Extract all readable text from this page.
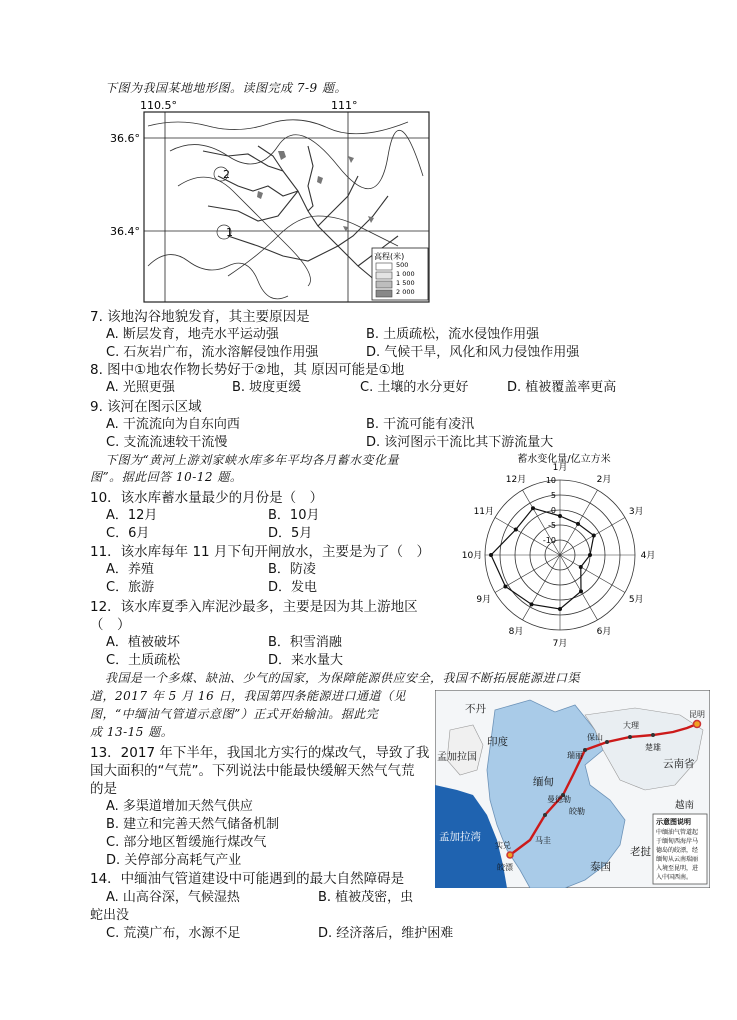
下图为我国某地地形图。读图完成 7-9 题。
110.5°	111°
36.6°
36.4°
2
1
高程(米)
500
1 000
1 500
2 000
7. 该地沟谷地貌发育，其主要原因是
A. 断层发育，地壳水平运动强	B. 土质疏松，流水侵蚀作用强
C. 石灰岩广布，流水溶解侵蚀作用强	D. 气候干旱，风化和风力侵蚀作用强
8. 图中①地农作物长势好于②地，其 原因可能是①地
A. 光照更强	B. 坡度更缓	C. 土壤的水分更好	D. 植被覆盖率更高
9. 该河在图示区域
A. 干流流向为自东向西	B. 干流可能有凌汛
C. 支流流速较干流慢	D. 该河图示干流比其下游流量大
下图为“黄河上游刘家峡水库多年平均各月蓄水变化量
图”。据此回答 10-12 题。
蓄水变化量/亿立方米
1月
2月
3月
4月
5月
6月
7月
8月
9月
10月
11月
12月 10
5
0
-5
-10
10．该水库蓄水量最少的月份是（　）
A．12月	B．10月
C．6月	D．5月
11．该水库每年 11 月下旬开闸放水，主要是为了（　）
A．养殖	B．防凌
C．旅游	D．发电
12．该水库夏季入库泥沙最多，主要是因为其上游地区
（　）
A．植被破坏	B．积雪消融
C．土质疏松	D．来水量大
我国是一个多煤、缺油、少气的国家，为保障能源供应安全，我国不断拓展能源进口渠
道，2017 年 5 月 16 日，我国第四条能源进口通道（见
图，“中缅油气管道示意图”）正式开始输油。据此完
成 13-15 题。
13．2017 年下半年，我国北方实行的煤改气，导致了我
国大面积的“气荒”。下列说法中能最快缓解天然气气荒
的是
A. 多渠道增加天然气供应
B. 建立和完善天然气储备机制
C. 部分地区暂缓施行煤改气
D. 关停部分高耗气产业
14．中缅油气管道建设中可能遇到的最大自然障碍是
A. 山高谷深，气候湿热	B. 植被茂密，虫
蛇出没
C. 荒漠广布，水源不足	D. 经济落后，维护困难
不丹
印度
孟加拉国
缅甸
孟加拉湾
泰国
老挝
越南
云南省
昆明
大理
保山
瑞丽
楚雄
曼德勒
皎勒
马圭
皎漂
实兑
示意图说明
中缅油气管道起
于缅甸西海岸马
德岛的皎漂，经
缅甸从云南瑞丽
入境至昆明，进
入中国西南。
